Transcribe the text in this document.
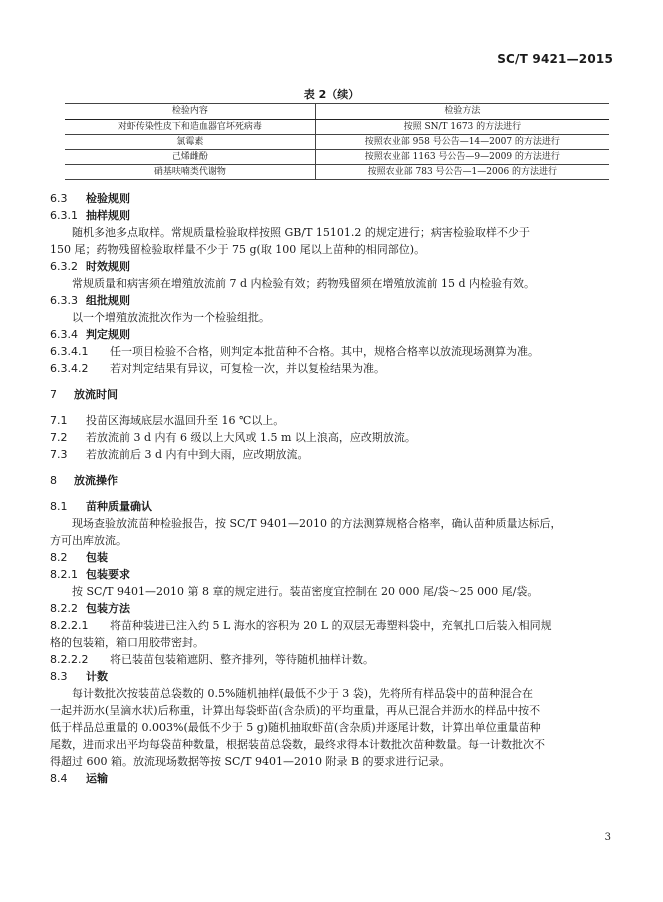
SC/T 9421—2015
表 2（续）
检验内容	检验方法
对虾传染性皮下和造血器官坏死病毒	按照 SN/T 1673 的方法进行
氯霉素	按照农业部 958 号公告—14—2007 的方法进行
己烯雌酚	按照农业部 1163 号公告—9—2009 的方法进行
硝基呋喃类代谢物	按照农业部 783 号公告—1—2006 的方法进行
6.3 检验规则
6.3.1 抽样规则
随机多池多点取样。常规质量检验取样按照 GB/T 15101.2 的规定进行；病害检验取样不少于
150 尾；药物残留检验取样量不少于 75 g(取 100 尾以上苗种的相同部位)。
6.3.2 时效规则
常规质量和病害须在增殖放流前 7 d 内检验有效；药物残留须在增殖放流前 15 d 内检验有效。
6.3.3 组批规则
以一个增殖放流批次作为一个检验组批。
6.3.4 判定规则
6.3.4.1 任一项目检验不合格，则判定本批苗种不合格。其中，规格合格率以放流现场测算为准。
6.3.4.2 若对判定结果有异议，可复检一次，并以复检结果为准。
7 放流时间
7.1 投苗区海域底层水温回升至 16 ℃以上。
7.2 若放流前 3 d 内有 6 级以上大风或 1.5 m 以上浪高，应改期放流。
7.3 若放流前后 3 d 内有中到大雨，应改期放流。
8 放流操作
8.1 苗种质量确认
现场查验放流苗种检验报告，按 SC/T 9401—2010 的方法测算规格合格率，确认苗种质量达标后，
方可出库放流。
8.2 包装
8.2.1 包装要求
按 SC/T 9401—2010 第 8 章的规定进行。装苗密度宜控制在 20 000 尾/袋～25 000 尾/袋。
8.2.2 包装方法
8.2.2.1 将苗种装进已注入约 5 L 海水的容积为 20 L 的双层无毒塑料袋中，充氧扎口后装入相同规
格的包装箱，箱口用胶带密封。
8.2.2.2 将已装苗包装箱遮阴、整齐排列，等待随机抽样计数。
8.3 计数
每计数批次按装苗总袋数的 0.5%随机抽样(最低不少于 3 袋)，先将所有样品袋中的苗种混合在
一起并沥水(呈滴水状)后称重，计算出每袋虾苗(含杂质)的平均重量，再从已混合并沥水的样品中按不
低于样品总重量的 0.003%(最低不少于 5 g)随机抽取虾苗(含杂质)并逐尾计数，计算出单位重量苗种
尾数，进而求出平均每袋苗种数量，根据装苗总袋数，最终求得本计数批次苗种数量。每一计数批次不
得超过 600 箱。放流现场数据等按 SC/T 9401—2010 附录 B 的要求进行记录。
8.4 运输
3
